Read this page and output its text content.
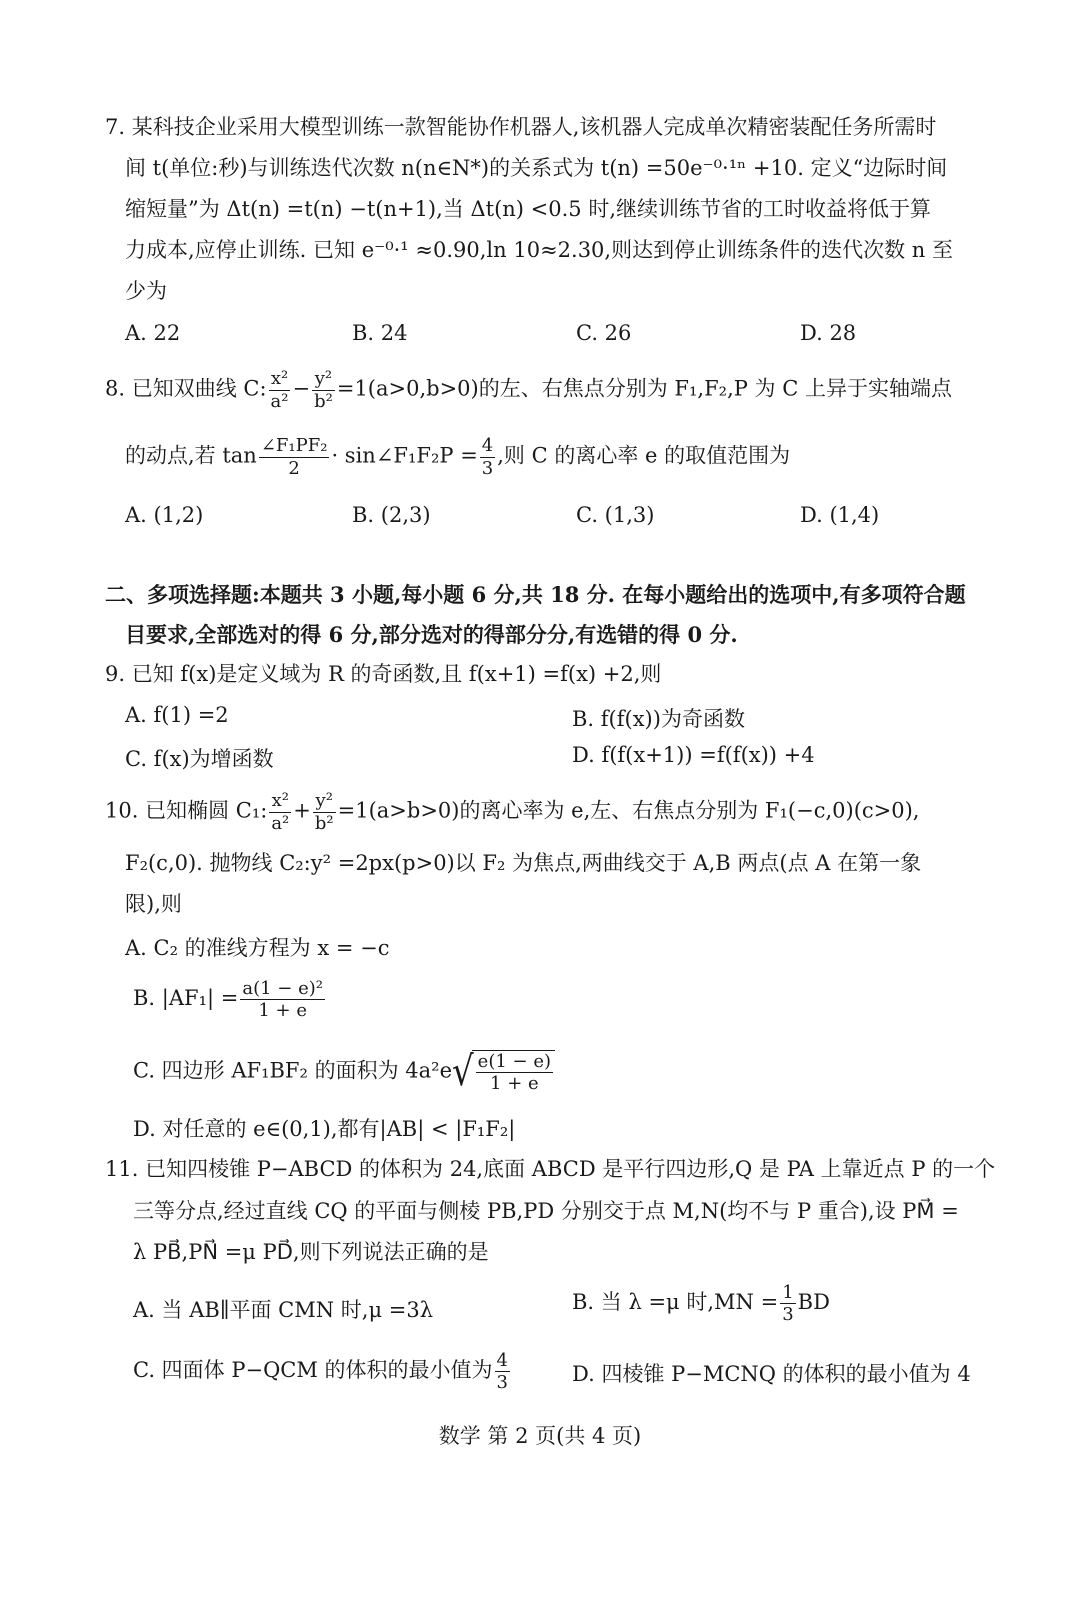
7. 某科技企业采用大模型训练一款智能协作机器人,该机器人完成单次精密装配任务所需时
间 t(单位:秒)与训练迭代次数 n(n∈N*)的关系式为 t(n) =50e⁻⁰·¹ⁿ +10. 定义“边际时间
缩短量”为 Δt(n) =t(n) −t(n+1),当 Δt(n) <0.5 时,继续训练节省的工时收益将低于算
力成本,应停止训练. 已知 e⁻⁰·¹ ≈0.90,ln 10≈2.30,则达到停止训练条件的迭代次数 n 至
少为
A. 22	B. 24	C. 26	D. 28
8. 已知双曲线 C: $\frac{\text{x²}}{\text{a²}} - \frac{\text{y²}}{\text{b²}} =1(a>0,b>0)$的左、右焦点分别为 F₁,F₂,P 为 C 上异于实轴端点
的动点,若 $\tan \frac{\text{∠F₁PF₂}}{2}$ · sin∠F₁F₂P = $\frac{4}{3}$ ,则 C 的离心率 e 的取值范围为
A. (1,2)	B. (2,3)	C. (1,3)	D. (1,4)
二、多项选择题:本题共 3 小题,每小题 6 分,共 18 分. 在每小题给出的选项中,有多项符合题
目要求,全部选对的得 6 分,部分选对的得部分分,有选错的得 0 分.
9. 已知 f(x)是定义域为 R 的奇函数,且 f(x+1) =f(x) +2,则
A. f(1) =2	B. f(f(x))为奇函数
C. f(x)为增函数	D. f(f(x+1)) =f(f(x)) +4
10. 已知椭圆 C₁: $\frac{\text{x²}}{\text{a²}} + \frac{\text{y²}}{\text{b²}} =1(a>b>0)$的离心率为 e,左、右焦点分别为 F₁(−c,0)(c>0),
F₂(c,0). 抛物线 C₂:y² =2px(p>0)以 F₂ 为焦点,两曲线交于 A,B 两点(点 A 在第一象
限),则
A. C₂ 的准线方程为 x = −c
B. $|AF_1| = \frac{\text{a(1 − e)²}}{1 + e}$
C. 四边形 AF₁BF₂ 的面积为 $4a^2e√ \frac{e(1 - e)}{1 + e}$
D. 对任意的 e∈(0,1),都有|AB| < |F₁F₂|
11. 已知四棱锥 P−ABCD 的体积为 24,底面 ABCD 是平行四边形,Q 是 PA 上靠近点 P 的一个
三等分点,经过直线 CQ 的平面与侧棱 PB,PD 分别交于点 M,N(均不与 P 重合),设 PM⃗ =
λ PB⃗,PN⃗ =μ PD⃗,则下列说法正确的是
A. 当 AB∥平面 CMN 时,μ =3λ	B. 当 λ =μ 时$,MN = \frac{1}{3}$ BD
C. 四面体 P−QCM 的体积的最小值为 $\frac{4}{3}$	D. 四棱锥 P−MCNQ 的体积的最小值为 4
数学 第 2 页(共 4 页)
